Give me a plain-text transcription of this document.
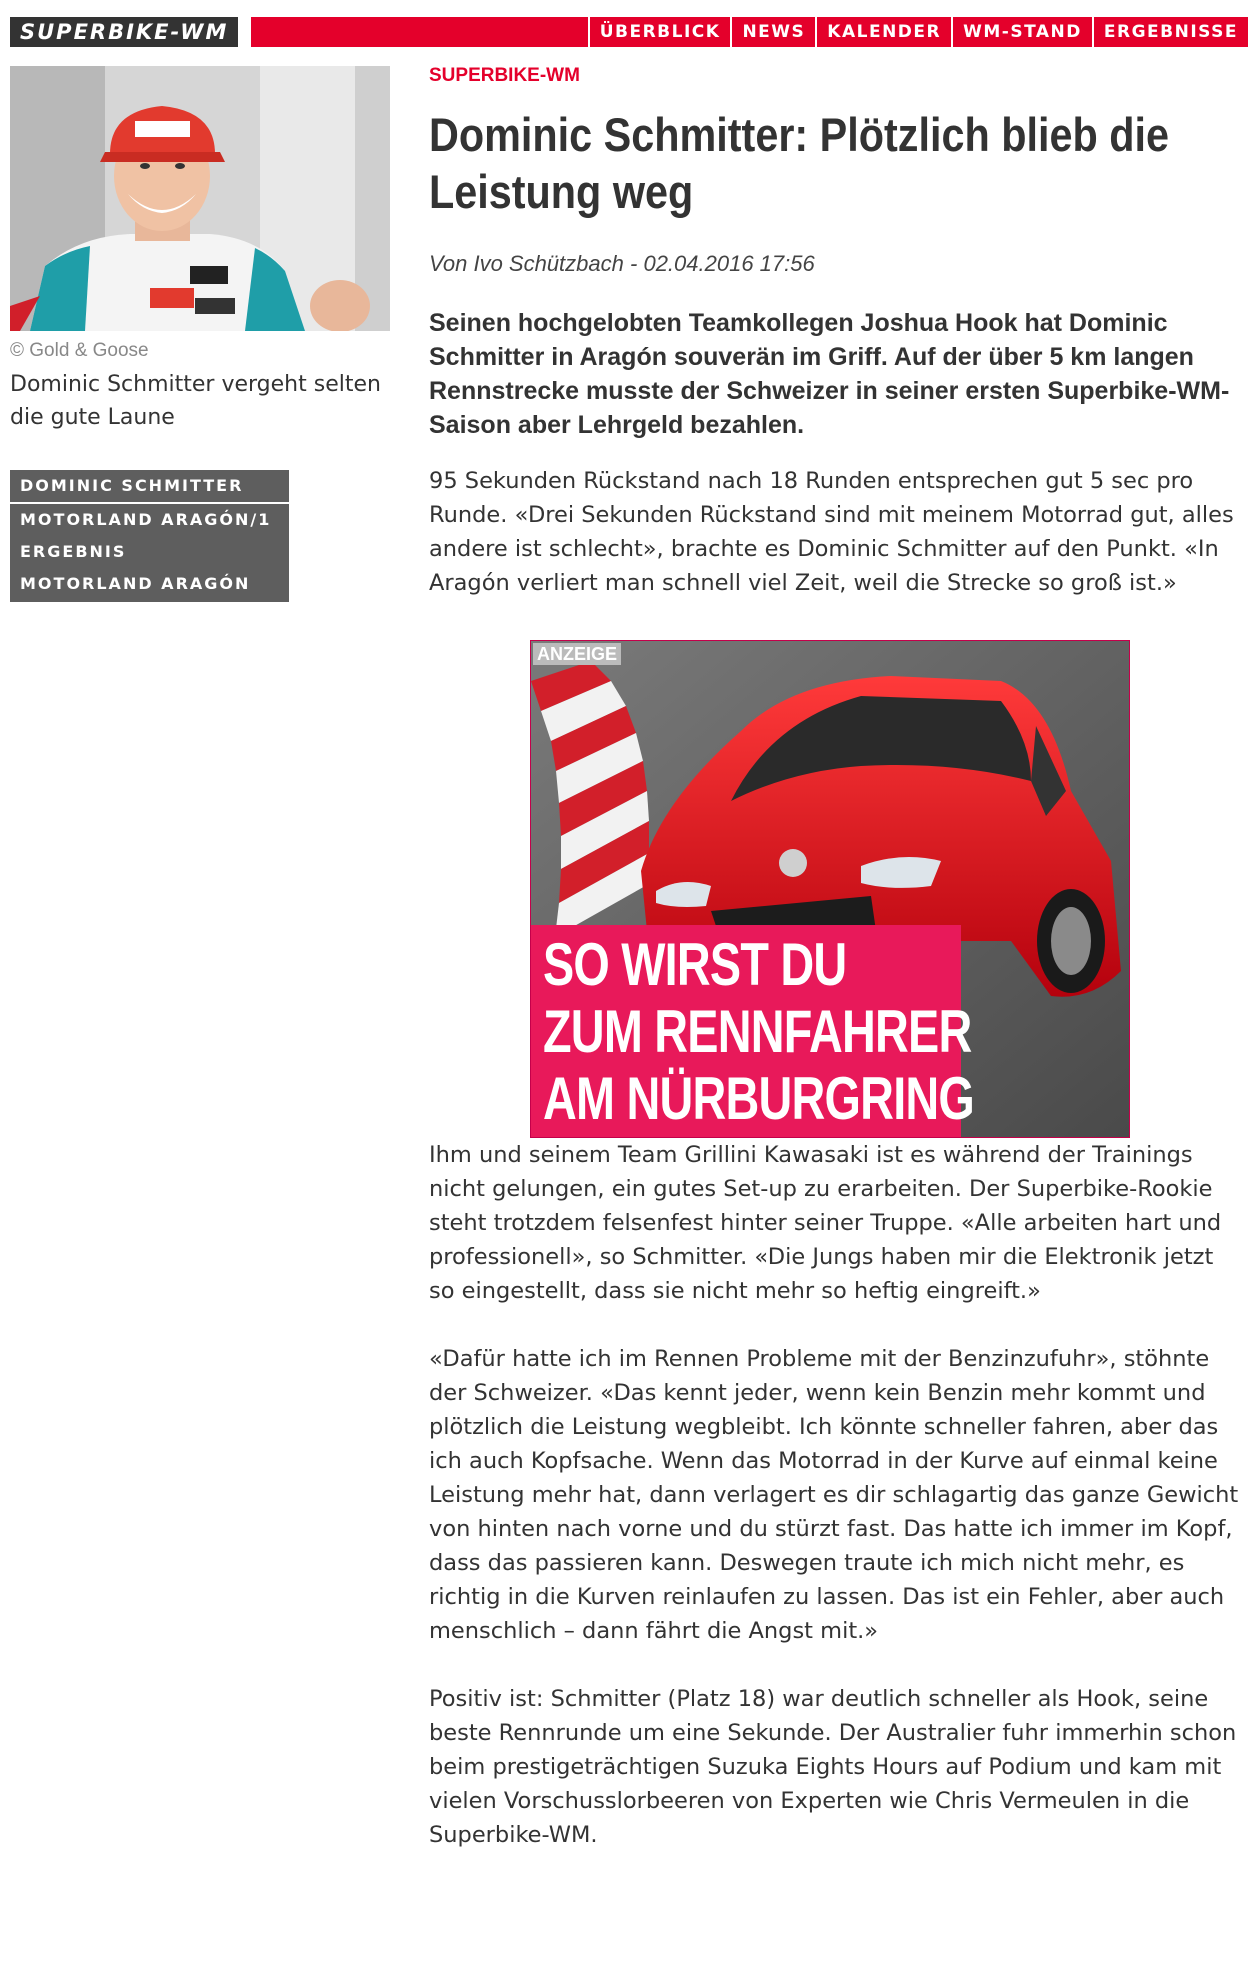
SUPERBIKE-WM	ÜBERBLICK	NEWS	KALENDER	WM-STAND	ERGEBNISSE
© Gold & Goose
Dominic Schmitter vergeht selten die gute Laune
DOMINIC SCHMITTER
MOTORLAND ARAGÓN/1 ERGEBNIS
MOTORLAND ARAGÓN
SUPERBIKE-WM
Dominic Schmitter: Plötzlich blieb die Leistung weg
Von Ivo Schützbach - 02.04.2016 17:56
Seinen hochgelobten Teamkollegen Joshua Hook hat Dominic Schmitter in Aragón souverän im Griff. Auf der über 5 km langen Rennstrecke musste der Schweizer in seiner ersten Superbike-WM-Saison aber Lehrgeld bezahlen.

95 Sekunden Rückstand nach 18 Runden entsprechen gut 5 sec pro Runde. «Drei Sekunden Rückstand sind mit meinem Motorrad gut, alles andere ist schlecht», brachte es Dominic Schmitter auf den Punkt. «In Aragón verliert man schnell viel Zeit, weil die Strecke so groß ist.»

ANZEIGE
SO WIRST DU
ZUM RENNFAHRER
AM NÜRBURGRING

Ihm und seinem Team Grillini Kawasaki ist es während der Trainings nicht gelungen, ein gutes Set-up zu erarbeiten. Der Superbike-Rookie steht trotzdem felsenfest hinter seiner Truppe. «Alle arbeiten hart und professionell», so Schmitter. «Die Jungs haben mir die Elektronik jetzt so eingestellt, dass sie nicht mehr so heftig eingreift.»

«Dafür hatte ich im Rennen Probleme mit der Benzinzufuhr», stöhnte der Schweizer. «Das kennt jeder, wenn kein Benzin mehr kommt und plötzlich die Leistung wegbleibt. Ich könnte schneller fahren, aber das ich auch Kopfsache. Wenn das Motorrad in der Kurve auf einmal keine Leistung mehr hat, dann verlagert es dir schlagartig das ganze Gewicht von hinten nach vorne und du stürzt fast. Das hatte ich immer im Kopf, dass das passieren kann. Deswegen traute ich mich nicht mehr, es richtig in die Kurven reinlaufen zu lassen. Das ist ein Fehler, aber auch menschlich – dann fährt die Angst mit.»

Positiv ist: Schmitter (Platz 18) war deutlich schneller als Hook, seine beste Rennrunde um eine Sekunde. Der Australier fuhr immerhin schon beim prestigeträchtigen Suzuka Eights Hours auf Podium und kam mit vielen Vorschusslorbeeren von Experten wie Chris Vermeulen in die Superbike-WM.
